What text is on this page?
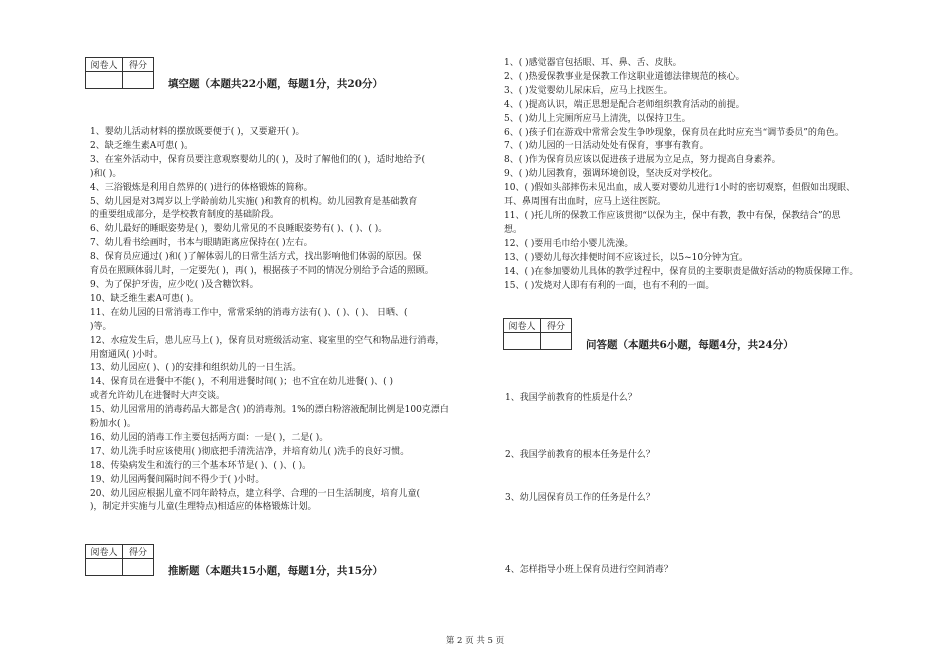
阅卷人	得分

填空题（本题共22小题，每题1分，共20分）
1、婴幼儿活动材料的摆放既要便于( )，又要避开( )。
2、缺乏维生素A可患( )。
3、在室外活动中，保育员要注意观察婴幼儿的( )，及时了解他们的( )，适时地给予(
)和( )。
4、三浴锻炼是利用自然界的( )进行的体格锻炼的简称。
5、幼儿园是对3周岁以上学龄前幼儿实施( )和教育的机构。幼儿园教育是基础教育
的重要组成部分，是学校教育制度的基础阶段。
6、幼儿最好的睡眠姿势是( )，婴幼儿常见的不良睡眠姿势有( )、( )、( )。
7、幼儿看书绘画时，书本与眼睛距离应保持在( )左右。
8、保育员应通过( )和( )了解体弱儿的日常生活方式，找出影响他们体弱的原因。保
育员在照顾体弱儿时，一定要先( )，再( )，根据孩子不同的情况分别给予合适的照顾。
9、为了保护牙齿，应少吃( )及含糖饮料。
10、缺乏维生素A可患( )。
11、在幼儿园的日常消毒工作中，常常采纳的消毒方法有( )、( )、( )、 日晒、(
)等。
12、水痘发生后，患儿应马上( )，保育员对班级活动室、寝室里的空气和物品进行消毒，
用窗通风( )小时。
13、幼儿园应( )、( )的安排和组织幼儿的一日生活。
14、保育员在进餐中不能( )，不利用进餐时间( )；也不宜在幼儿进餐( )、( )
或者允许幼儿在进餐时大声交谈。
15、幼儿园常用的消毒药品大都是含( )的消毒剂。1%的漂白粉溶液配制比例是100克漂白
粉加水( )。
16、幼儿园的消毒工作主要包括两方面：一是( )，二是( )。
17、幼儿洗手时应该使用( )彻底把手清洗洁净，并培育幼儿( )洗手的良好习惯。
18、传染病发生和流行的三个基本环节是( )、( )、( )。
19、幼儿园两餐间隔时间不得少于( )小时。
20、幼儿园应根据儿童不同年龄特点，建立科学、合理的一日生活制度，培育儿童(
)，制定并实施与儿童(生理特点)相适应的体格锻炼计划。
阅卷人	得分

推断题（本题共15小题，每题1分，共15分）
1、( )感觉器官包括眼、耳、鼻、舌、皮肤。
2、( )热爱保教事业是保教工作这职业道德法律规范的核心。
3、( )发觉婴幼儿尿床后，应马上找医生。
4、( )提高认识，端正思想是配合老师组织教育活动的前提。
5、( )幼儿上完厕所应马上清洗，以保持卫生。
6、( )孩子们在游戏中常常会发生争吵现象，保育员在此时应充当“调节委员”的角色。
7、( )幼儿园的一日活动处处有保育，事事有教育。
8、( )作为保育员应该以促进孩子进展为立足点，努力提高自身素养。
9、( )幼儿园教育，强调环境创设，坚决反对学校化。
10、( )假如头部摔伤未见出血，成人要对婴幼儿进行1小时的密切观察，但假如出现眼、
耳、鼻周围有出血时，应马上送往医院。
11、( )托儿所的保教工作应该贯彻“以保为主，保中有教，教中有保，保教结合”的思
想。
12、( )要用毛巾给小婴儿洗澡。
13、( )婴幼儿每次排便时间不应该过长，以5~10分钟为宜。
14、( )在参加婴幼儿具体的教学过程中，保育员的主要职责是做好活动的物质保障工作。
15、( )发烧对人即有有利的一面，也有不利的一面。
阅卷人	得分

问答题（本题共6小题，每题4分，共24分）
1、我国学前教育的性质是什么？
2、我国学前教育的根本任务是什么？
3、幼儿园保育员工作的任务是什么？
4、怎样指导小班上保育员进行空间消毒？
第 2 页 共 5 页
